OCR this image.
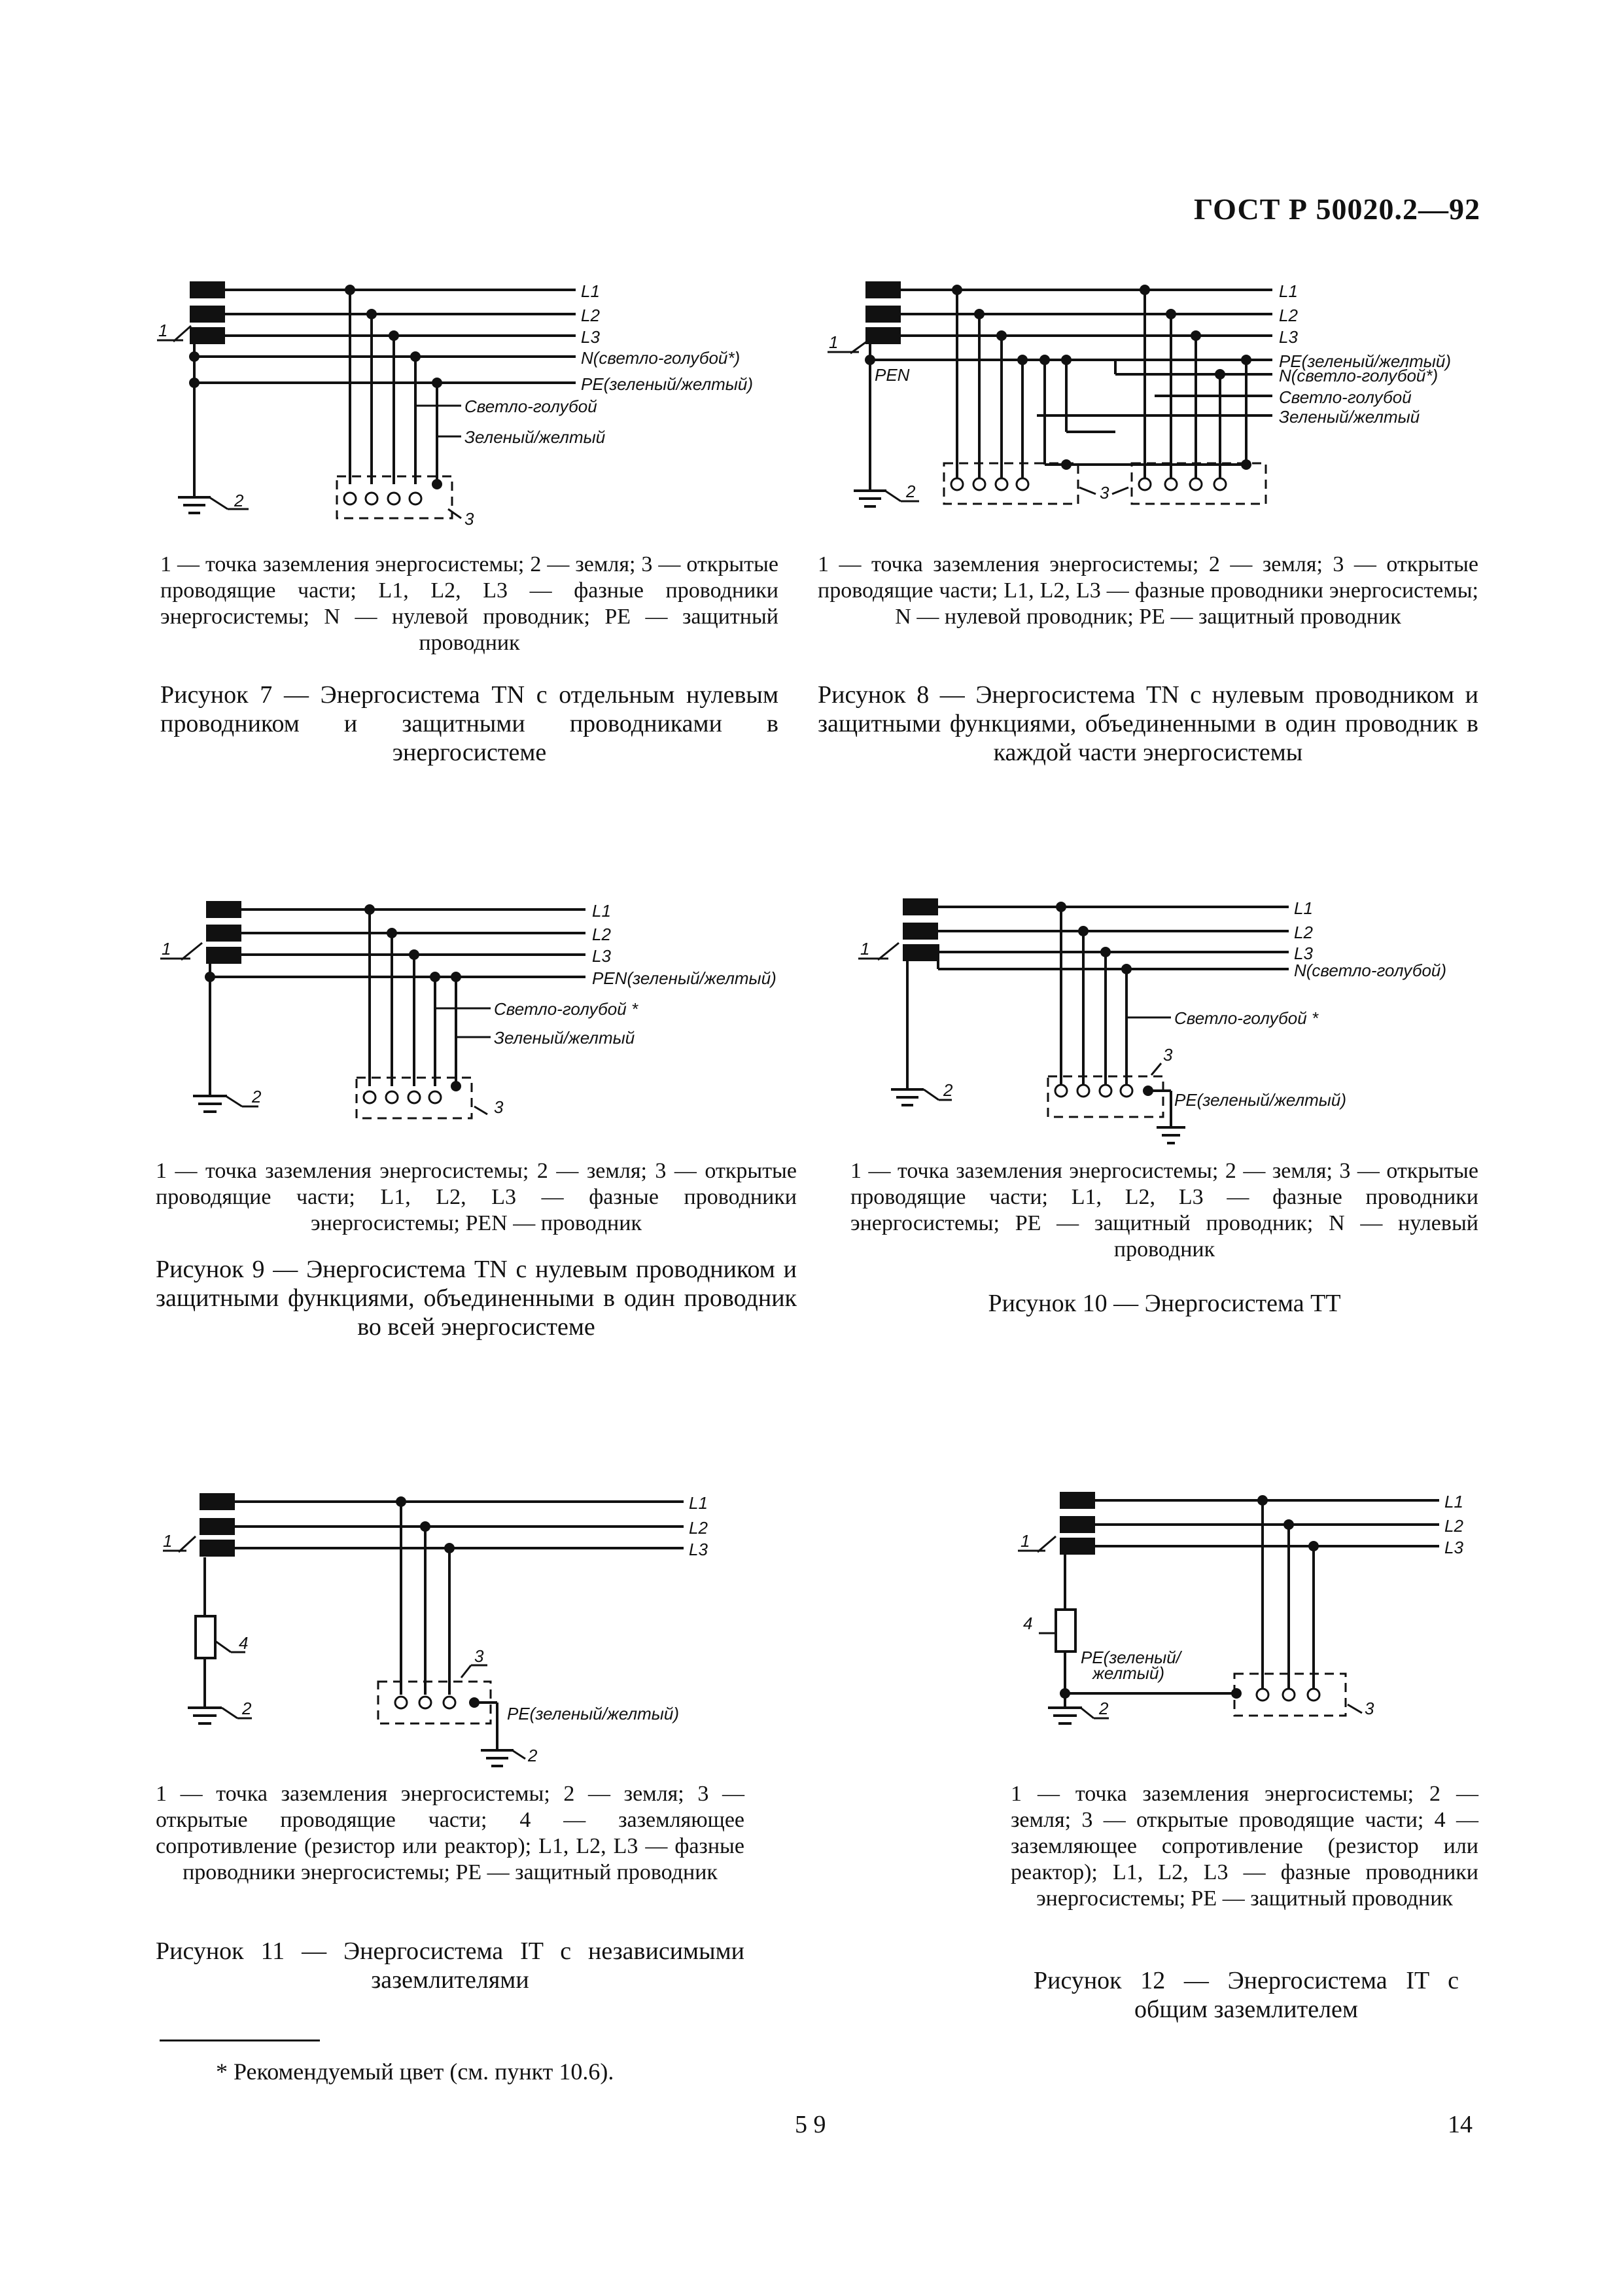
ГОСТ Р 50020.2—92
L1
L2
L3
N(светло-голубой*)
PE(зеленый/желтый)
Светло-голубой
Зеленый/желтый
1
2
3
1 — точка заземления энергосистемы; 2 — земля; 3 — открытые проводящие части; L1, L2, L3 — фазные проводники энергосистемы; N — нулевой проводник; PE — защитный проводник
Рисунок 7 — Энергосистема TN с отдельным нулевым проводником и защитными проводниками в энергосистеме
L1
L2
L3
PE(зеленый/желтый)
N(светло-голубой*)
Светло-голубой
Зеленый/желтый
PEN
1
2	3
1 — точка заземления энергосистемы; 2 — земля; 3 — открытые проводящие части; L1, L2, L3 — фазные проводники энергосистемы; N — нулевой проводник; PE — защитный проводник
Рисунок 8 — Энергосистема TN с нулевым проводником и защитными функциями, объединенными в один проводник в каждой части энергосистемы
L1
L2
L3
PEN(зеленый/желтый)
Светло-голубой *
Зеленый/желтый
1
2
3
1 — точка заземления энергосистемы; 2 — земля; 3 — открытые проводящие части; L1, L2, L3 — фазные проводники энергосистемы; PEN — проводник
Рисунок 9 — Энергосистема TN с нулевым проводником и защитными функциями, объединенными в один проводник во всей энергосистеме
L1
L2
L3
N(светло-голубой)
Светло-голубой *
PE(зеленый/желтый)
1
2
3
1 — точка заземления энергосистемы; 2 — земля; 3 — открытые проводящие части; L1, L2, L3 — фазные проводники энергосистемы; PE — защитный проводник; N — нулевый проводник
Рисунок 10 — Энергосистема TT
L1
L2
L3
PE(зеленый/желтый)
1
4
2
3
2
1 — точка заземления энергосистемы; 2 — земля; 3 — открытые проводящие части; 4 — заземляющее сопротивление (резистор или реактор); L1, L2, L3 — фазные проводники энергосистемы; PE — защитный проводник
Рисунок 11 — Энергосистема IT с независимыми заземлителями
L1
L2
L3
PE(зеленый/
желтый)
1
4
2	3
1 — точка заземления энергосистемы; 2 — земля; 3 — открытые проводящие части; 4 — заземляющее сопротивление (резистор или реактор); L1, L2, L3 — фазные проводники энергосистемы; PE — защитный проводник
Рисунок 12 — Энергосистема IT с общим заземлителем
* Рекомендуемый цвет (см. пункт 10.6).
5 9	14
